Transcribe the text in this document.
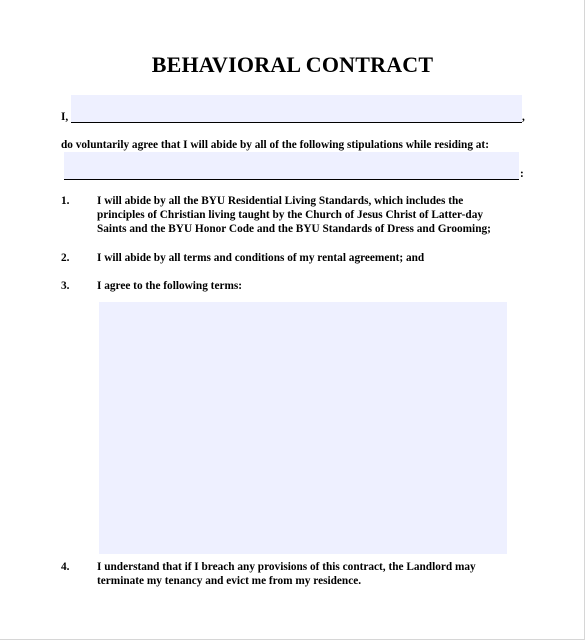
BEHAVIORAL CONTRACT
I,	,
do voluntarily agree that I will abide by all of the following stipulations while residing at:
:
1. I will abide by all the BYU Residential Living Standards, which includes the
principles of Christian living taught by the Church of Jesus Christ of Latter-day
Saints and the BYU Honor Code and the BYU Standards of Dress and Grooming;
2. I will abide by all terms and conditions of my rental agreement; and
3. I agree to the following terms:
4. I understand that if I breach any provisions of this contract, the Landlord may
terminate my tenancy and evict me from my residence.
